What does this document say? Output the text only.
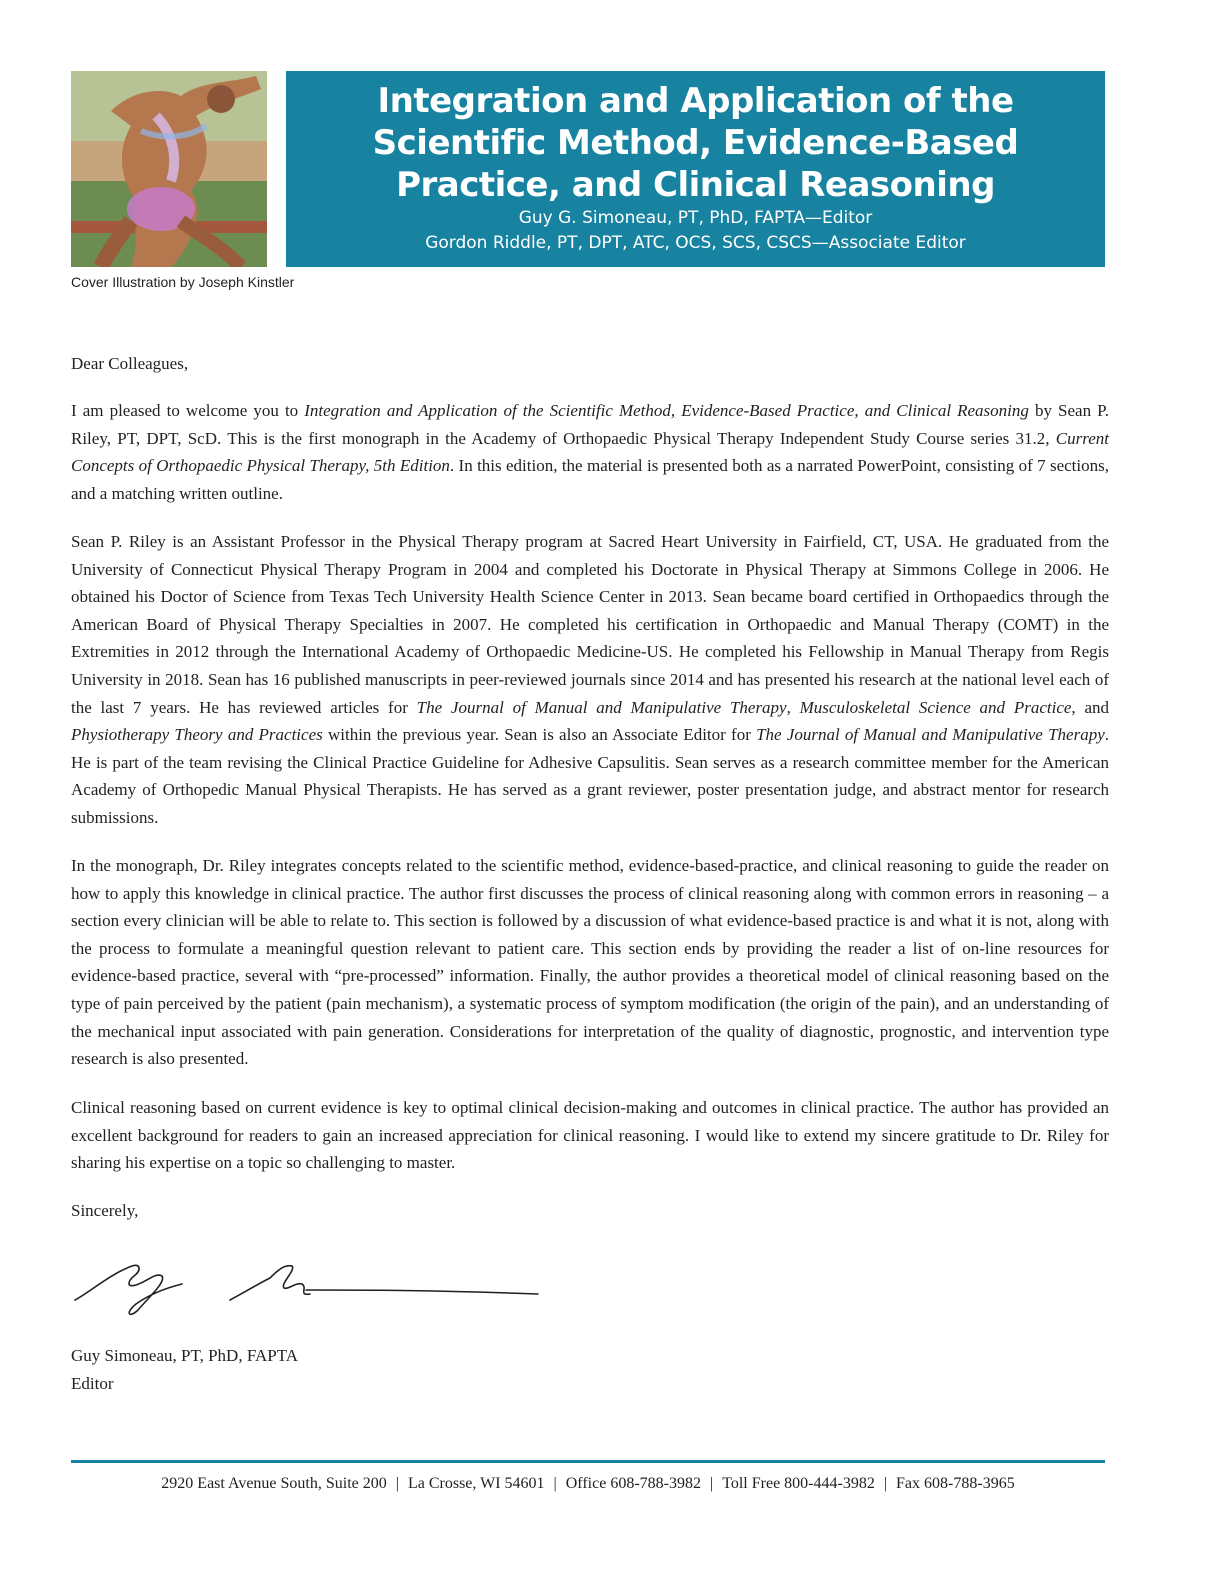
Cover Illustration by Joseph Kinstler
Integration and Application of the
Scientific Method, Evidence-Based
Practice, and Clinical Reasoning
Guy G. Simoneau, PT, PhD, FAPTA—Editor
Gordon Riddle, PT, DPT, ATC, OCS, SCS, CSCS—Associate Editor
Dear Colleagues,
I am pleased to welcome you to Integration and Application of the Scientific Method, Evidence-Based Practice, and Clinical Reasoning by Sean P. Riley, PT, DPT, ScD. This is the first monograph in the Academy of Orthopaedic Physical Therapy Independent Study Course series 31.2, Current Concepts of Orthopaedic Physical Therapy, 5th Edition. In this edition, the material is presented both as a narrated PowerPoint, consisting of 7 sections, and a matching written outline.
Sean P. Riley is an Assistant Professor in the Physical Therapy program at Sacred Heart University in Fairfield, CT, USA. He graduated from the University of Connecticut Physical Therapy Program in 2004 and completed his Doctorate in Physical Therapy at Simmons College in 2006. He obtained his Doctor of Science from Texas Tech University Health Science Center in 2013. Sean became board certified in Orthopaedics through the American Board of Physical Therapy Specialties in 2007. He completed his certification in Orthopaedic and Manual Therapy (COMT) in the Extremities in 2012 through the International Academy of Orthopaedic Medicine-US. He completed his Fellowship in Manual Therapy from Regis University in 2018. Sean has 16 published manuscripts in peer-reviewed journals since 2014 and has presented his research at the national level each of the last 7 years. He has reviewed articles for The Journal of Manual and Manipulative Therapy, Musculoskeletal Science and Practice, and Physiotherapy Theory and Practices within the previous year. Sean is also an Associate Editor for The Journal of Manual and Manipulative Therapy. He is part of the team revising the Clinical Practice Guideline for Adhesive Capsulitis. Sean serves as a research committee member for the American Academy of Orthopedic Manual Physical Therapists. He has served as a grant reviewer, poster presentation judge, and abstract mentor for research submissions.
In the monograph, Dr. Riley integrates concepts related to the scientific method, evidence-based-practice, and clinical reasoning to guide the reader on how to apply this knowledge in clinical practice. The author first discusses the process of clinical reasoning along with common errors in reasoning – a section every clinician will be able to relate to. This section is followed by a discussion of what evidence-based practice is and what it is not, along with the process to formulate a meaningful question relevant to patient care. This section ends by providing the reader a list of on-line resources for evidence-based practice, several with “pre-processed” information. Finally, the author provides a theoretical model of clinical reasoning based on the type of pain perceived by the patient (pain mechanism), a systematic process of symptom modification (the origin of the pain), and an understanding of the mechanical input associated with pain generation. Considerations for interpretation of the quality of diagnostic, prognostic, and intervention type research is also presented.
Clinical reasoning based on current evidence is key to optimal clinical decision-making and outcomes in clinical practice. The author has provided an excellent background for readers to gain an increased appreciation for clinical reasoning. I would like to extend my sincere gratitude to Dr. Riley for sharing his expertise on a topic so challenging to master.
Sincerely,
Guy Simoneau, PT, PhD, FAPTA
Editor
2920 East Avenue South, Suite 200 | La Crosse, WI 54601 | Office 608-788-3982 | Toll Free 800-444-3982 | Fax 608-788-3965
